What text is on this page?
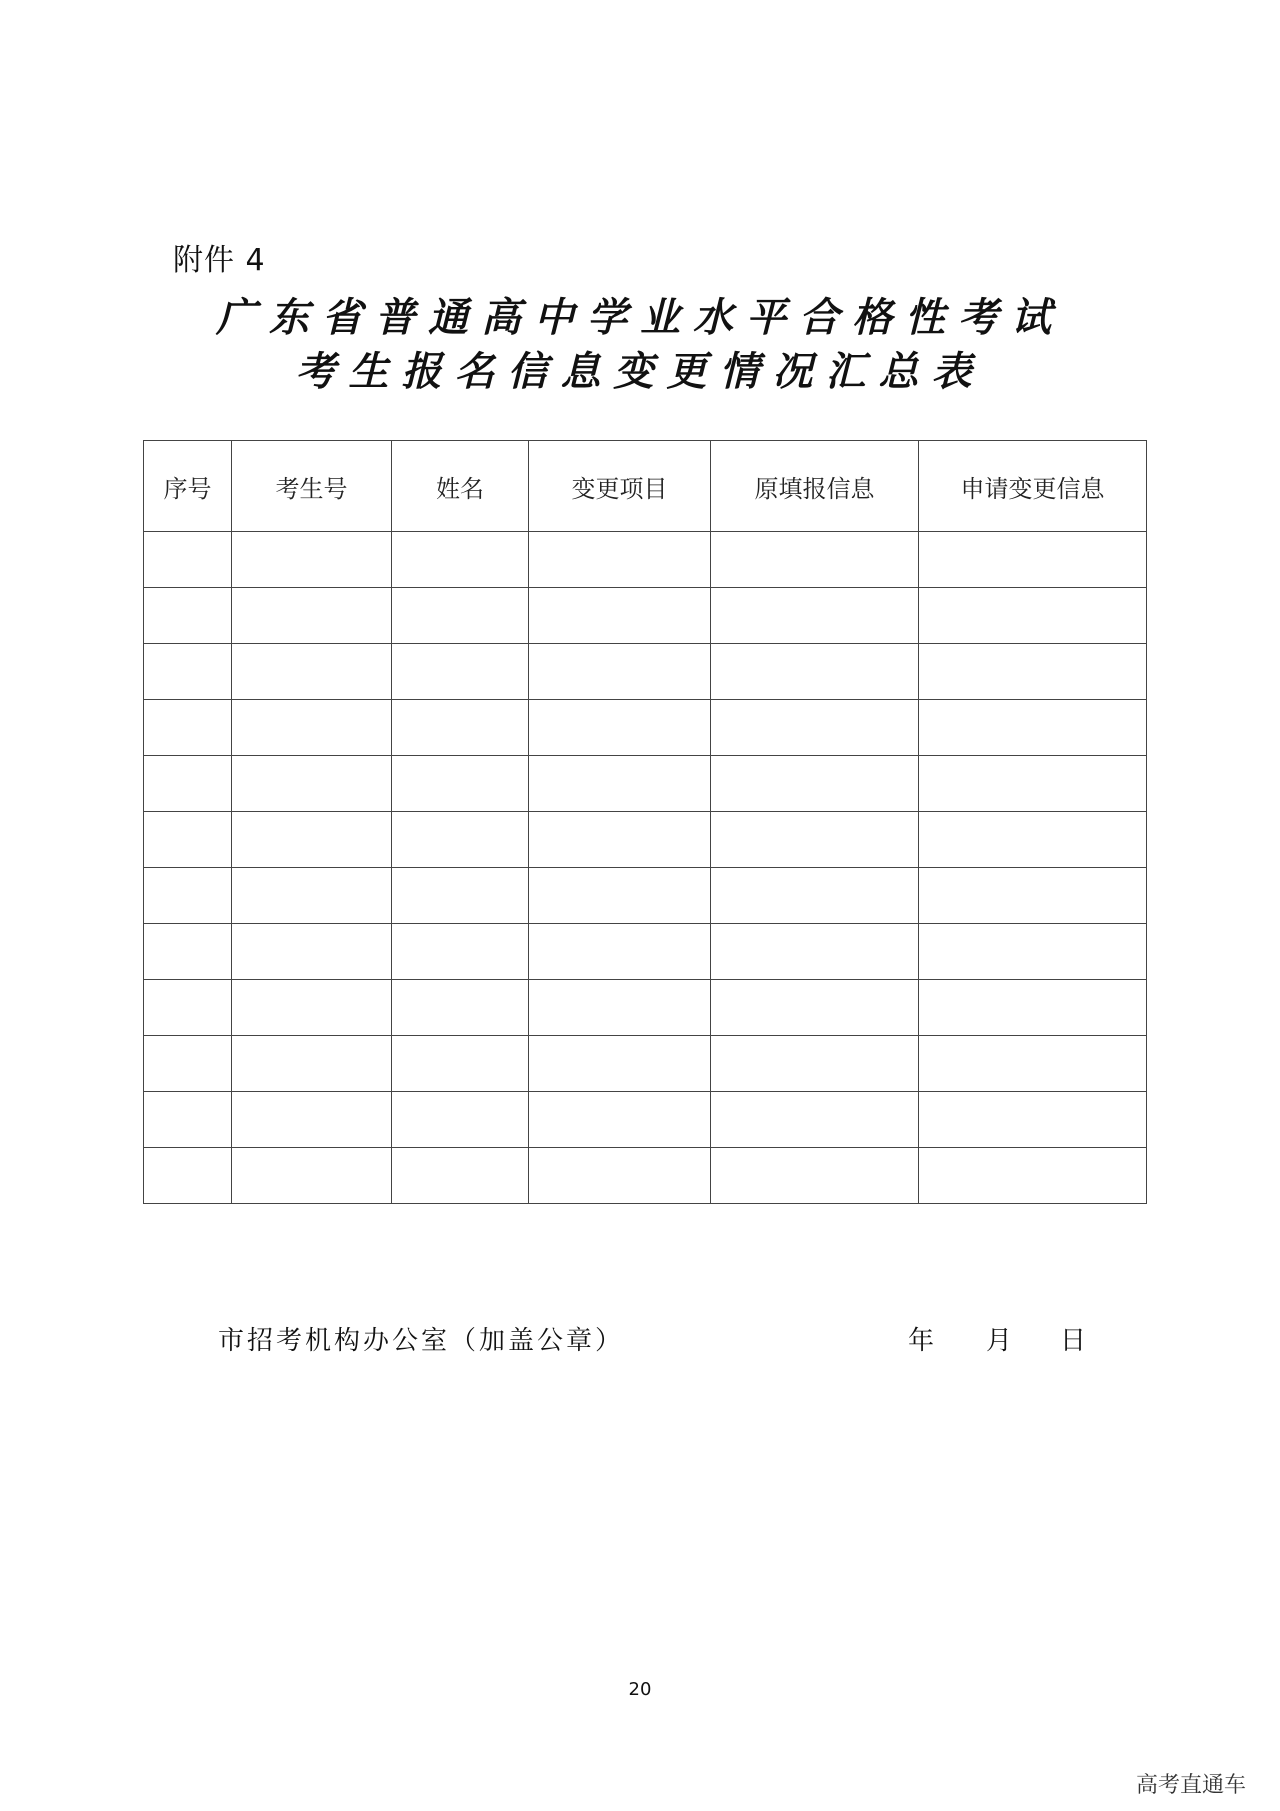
附件 4
广东省普通高中学业水平合格性考试
考生报名信息变更情况汇总表
序号	考生号	姓名	变更项目	原填报信息	申请变更信息

市招考机构办公室（加盖公章）	年 月 日
20
高考直通车
